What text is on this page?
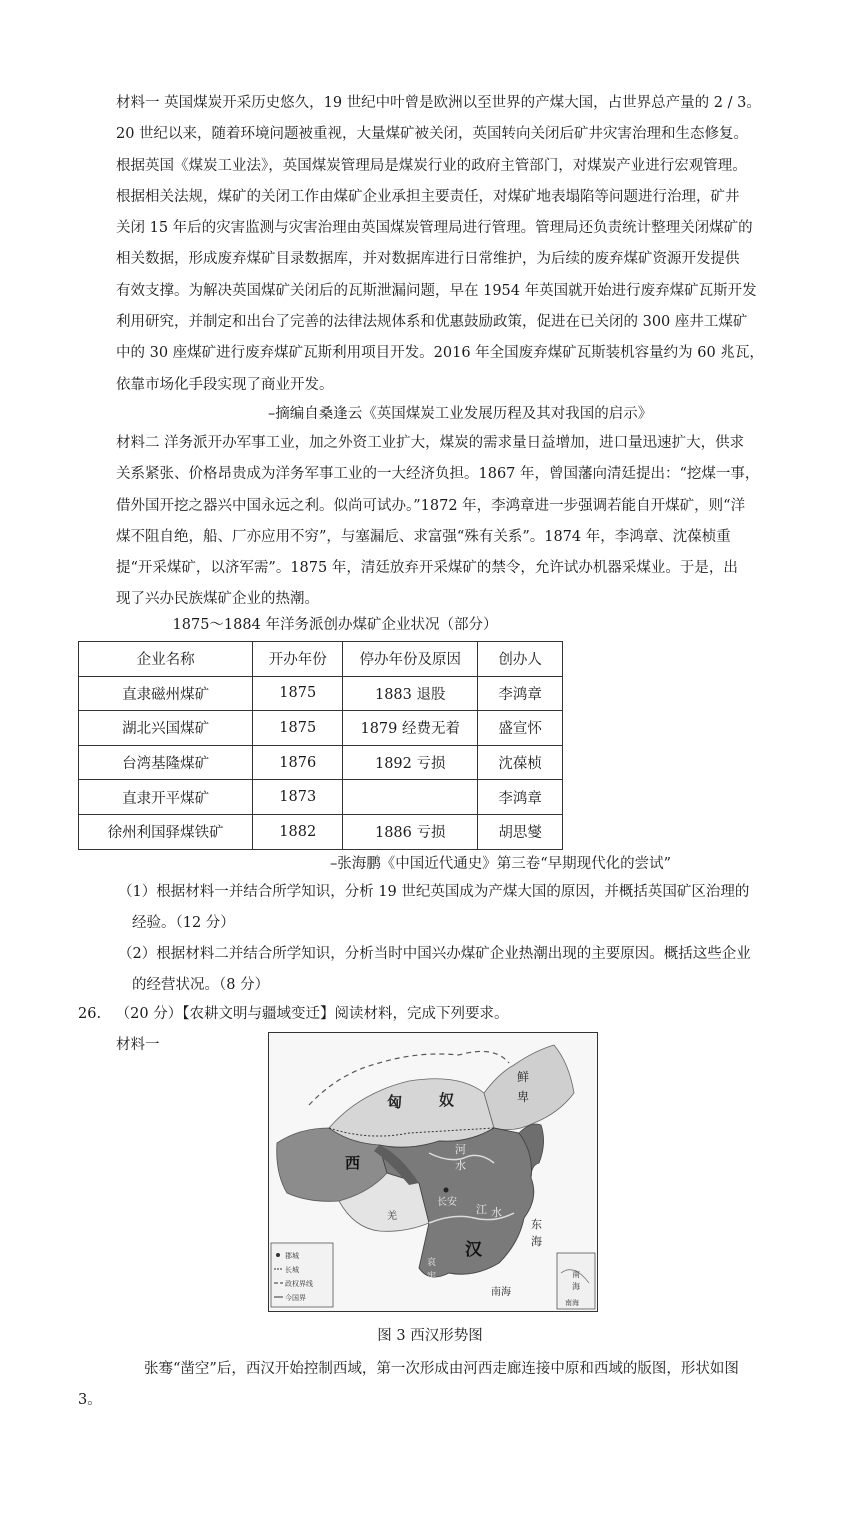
材料一 英国煤炭开采历史悠久，19 世纪中叶曾是欧洲以至世界的产煤大国，占世界总产量的 2 / 3。
20 世纪以来，随着环境问题被重视，大量煤矿被关闭，英国转向关闭后矿井灾害治理和生态修复。
根据英国《煤炭工业法》，英国煤炭管理局是煤炭行业的政府主管部门，对煤炭产业进行宏观管理。
根据相关法规，煤矿的关闭工作由煤矿企业承担主要责任，对煤矿地表塌陷等问题进行治理，矿井
关闭 15 年后的灾害监测与灾害治理由英国煤炭管理局进行管理。管理局还负责统计整理关闭煤矿的
相关数据，形成废弃煤矿目录数据库，并对数据库进行日常维护，为后续的废弃煤矿资源开发提供
有效支撑。为解决英国煤矿关闭后的瓦斯泄漏问题，早在 1954 年英国就开始进行废弃煤矿瓦斯开发
利用研究，并制定和出台了完善的法律法规体系和优惠鼓励政策，促进在已关闭的 300 座井工煤矿
中的 30 座煤矿进行废弃煤矿瓦斯利用项目开发。2016 年全国废弃煤矿瓦斯装机容量约为 60 兆瓦，
依靠市场化手段实现了商业开发。

–摘编自桑逢云《英国煤炭工业发展历程及其对我国的启示》

材料二 洋务派开办军事工业，加之外资工业扩大，煤炭的需求量日益增加，进口量迅速扩大，供求
关系紧张、价格昂贵成为洋务军事工业的一大经济负担。1867 年，曾国藩向清廷提出：“挖煤一事，
借外国开挖之器兴中国永远之利。似尚可试办。”1872 年，李鸿章进一步强调若能自开煤矿，则“洋
煤不阻自绝，船、厂亦应用不穷”，与塞漏卮、求富强“殊有关系”。1874 年，李鸿章、沈葆桢重
提“开采煤矿，以济军需”。1875 年，清廷放弃开采煤矿的禁令，允许试办机器采煤业。于是，出
现了兴办民族煤矿企业的热潮。

1875～1884 年洋务派创办煤矿企业状况（部分）

企业名称	开办年份	停办年份及原因	创办人
直隶磁州煤矿	1875	1883 退股	李鸿章
湖北兴国煤矿	1875	1879 经费无着	盛宣怀
台湾基隆煤矿	1876	1892 亏损	沈葆桢
直隶开平煤矿	1873		李鸿章
徐州利国驿煤铁矿	1882	1886 亏损	胡思燮

–张海鹏《中国近代通史》第三卷“早期现代化的尝试”

（1）根据材料一并结合所学知识，分析 19 世纪英国成为产煤大国的原因，并概括英国矿区治理的
经验。（12 分）

（2）根据材料二并结合所学知识，分析当时中国兴办煤矿企业热潮出现的主要原因。概括这些企业
的经营状况。（8 分）

26. （20 分）【农耕文明与疆域变迁】阅读材料，完成下列要求。

材料一

匈 奴
鲜
卑
西
河
水
长安
江 水
羌
汉
东
海
南海
哀
牢	南
海
南海
郡城
长城
政权界线
今国界

图 3 西汉形势图

张骞“凿空”后，西汉开始控制西域，第一次形成由河西走廊连接中原和西域的版图，形状如图
3。
